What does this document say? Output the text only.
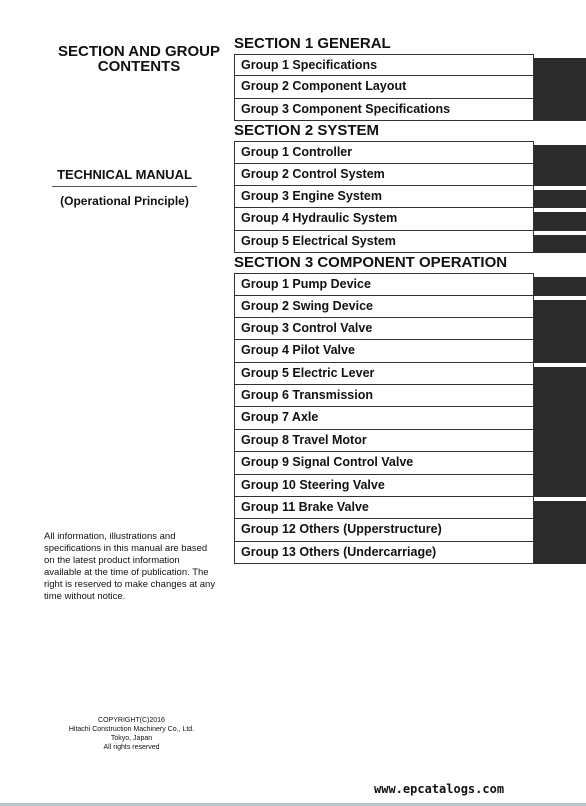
SECTION AND GROUP
CONTENTS
TECHNICAL MANUAL
(Operational Principle)
All information, illustrations and specifications in this manual are based on the latest product information available at the time of publication. The right is reserved to make changes at any time without notice.
COPYRIGHT(C)2016
Hitachi Construction Machinery Co., Ltd.
Tokyo, Japan
All rights reserved
SECTION 1 GENERAL
Group 1 Specifications
Group 2 Component Layout
Group 3 Component Specifications
SECTION 2 SYSTEM
Group 1 Controller
Group 2 Control System
Group 3 Engine System
Group 4 Hydraulic System
Group 5 Electrical System
SECTION 3 COMPONENT OPERATION
Group 1 Pump Device
Group 2 Swing Device
Group 3 Control Valve
Group 4 Pilot Valve
Group 5 Electric Lever
Group 6 Transmission
Group 7 Axle
Group 8 Travel Motor
Group 9 Signal Control Valve
Group 10 Steering Valve
Group 11 Brake Valve
Group 12 Others (Upperstructure)
Group 13 Others (Undercarriage)
www.epcatalogs.com
